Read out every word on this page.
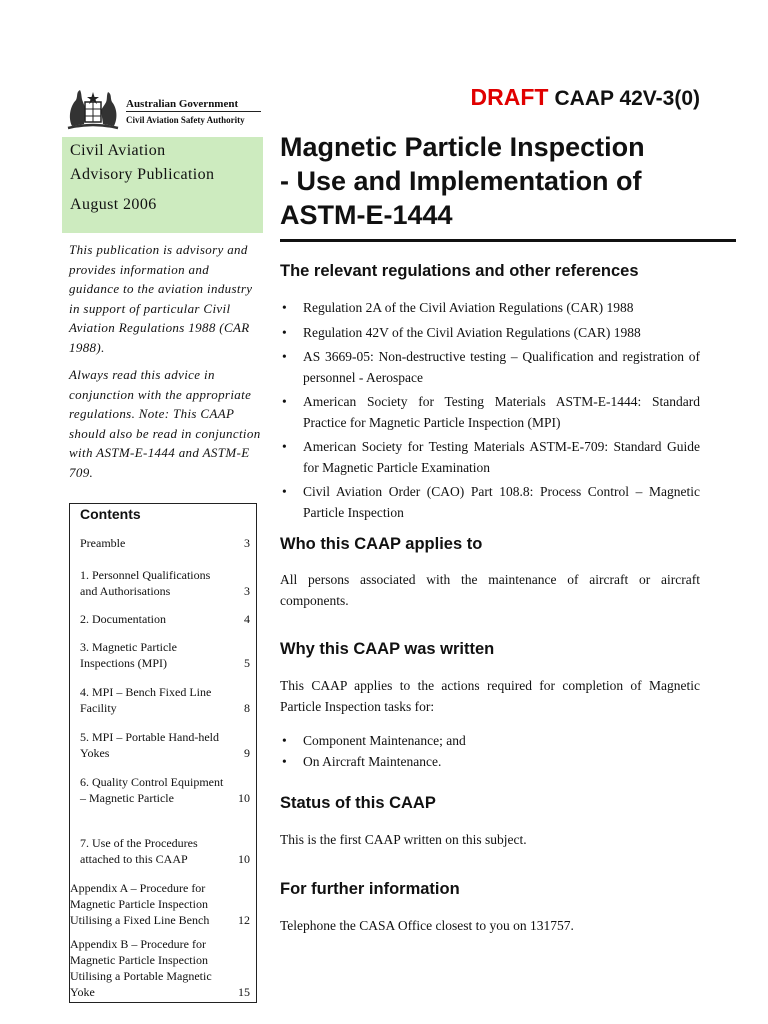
DRAFT CAAP 42V-3(0)
Australian Government
Civil Aviation Safety Authority
Civil Aviation
Advisory Publication
August 2006

This publication is advisory and provides information and guidance to the aviation industry in support of particular Civil Aviation Regulations 1988 (CAR 1988).

Always read this advice in conjunction with the appropriate regulations. Note: This CAAP should also be read in conjunction with ASTM-E-1444 and ASTM-E 709.

Contents
Preamble	3
1. Personnel Qualifications and Authorisations	3
2. Documentation	4
3. Magnetic Particle Inspections (MPI)	5
4. MPI – Bench Fixed Line Facility	8
5. MPI – Portable Hand-held Yokes	9
6. Quality Control Equipment – Magnetic Particle	10
7. Use of the Procedures attached to this CAAP	10
Appendix A – Procedure for Magnetic Particle Inspection Utilising a Fixed Line Bench 12
Appendix B – Procedure for Magnetic Particle Inspection Utilising a Portable Magnetic Yoke	15
Magnetic Particle Inspection
- Use and Implementation of
ASTM-E-1444
The relevant regulations and other references
• Regulation 2A of the Civil Aviation Regulations (CAR) 1988
• Regulation 42V of the Civil Aviation Regulations (CAR) 1988
• AS 3669-05: Non-destructive testing – Qualification and registration of personnel - Aerospace
• American Society for Testing Materials ASTM-E-1444: Standard Practice for Magnetic Particle Inspection (MPI)
• American Society for Testing Materials ASTM-E-709: Standard Guide for Magnetic Particle Examination
• Civil Aviation Order (CAO) Part 108.8: Process Control – Magnetic Particle Inspection
Who this CAAP applies to
All persons associated with the maintenance of aircraft or aircraft components.
Why this CAAP was written
This CAAP applies to the actions required for completion of Magnetic Particle Inspection tasks for:
• Component Maintenance; and
• On Aircraft Maintenance.
Status of this CAAP
This is the first CAAP written on this subject.
For further information
Telephone the CASA Office closest to you on 131757.
